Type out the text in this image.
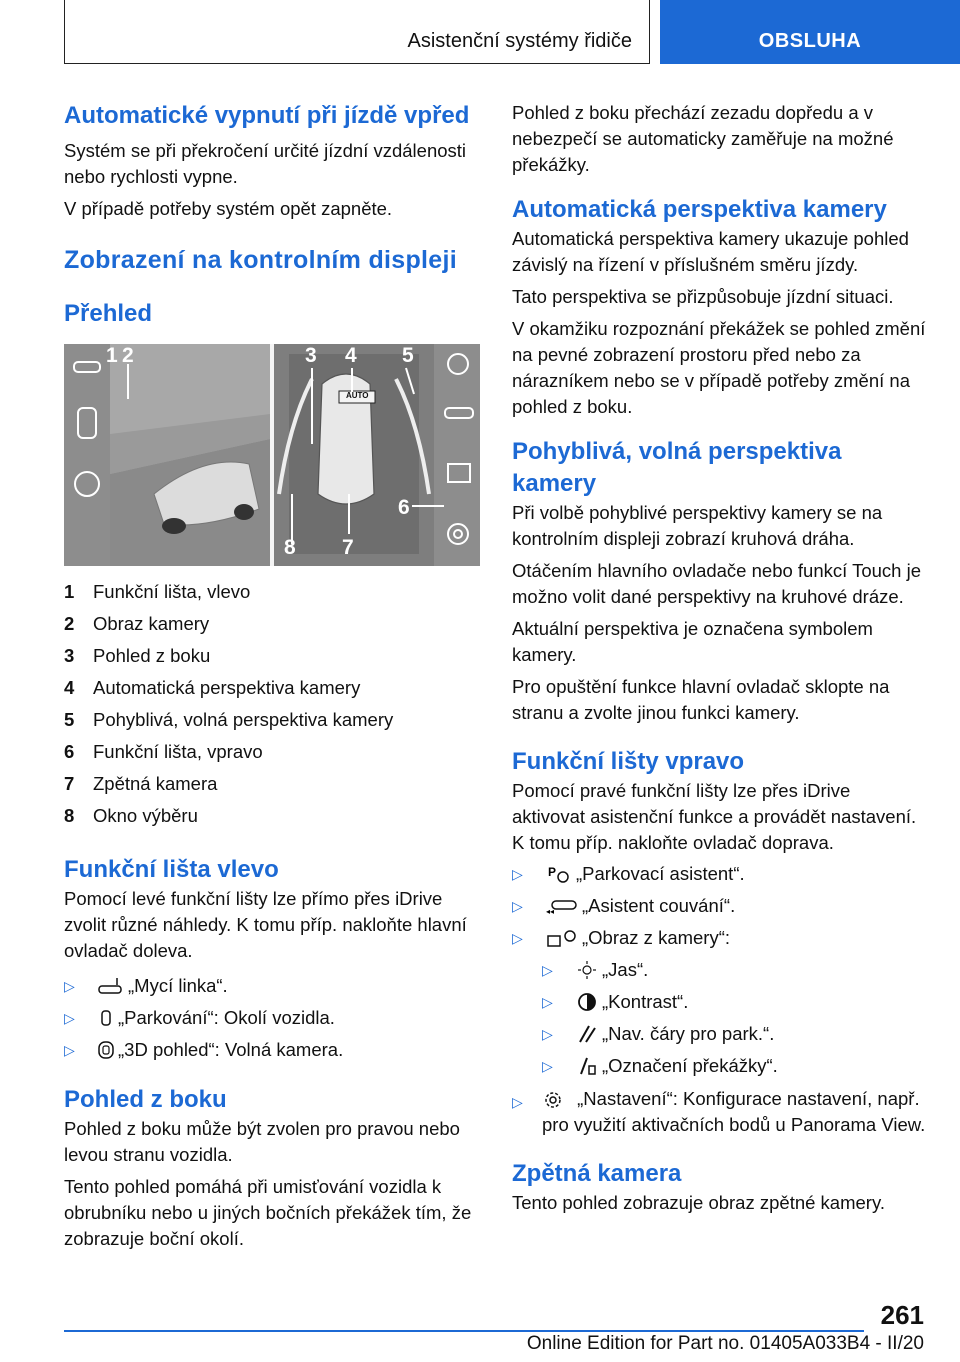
Asistenční systémy řidiče	OBSLUHA
Automatické vypnutí při jízdě vpřed

Systém se při překročení určité jízdní vzdálenosti nebo rychlosti vypne.

V případě potřeby systém opět zapněte.

Zobrazení na kontrolním displeji
Přehled
1 2	3 4 5
6
7
8
AUTO
1	Funkční lišta, vlevo
2	Obraz kamery
3	Pohled z boku
4	Automatická perspektiva kamery
5	Pohyblivá, volná perspektiva kamery
6	Funkční lišta, vpravo
7	Zpětná kamera
8	Okno výběru
Funkční lišta vlevo

Pomocí levé funkční lišty lze přímo přes iDrive zvolit různé náhledy. K tomu příp. nakloňte hlavní ovladač doleva.

▷	„Mycí linka“.
▷	„Parkování“: Okolí vozidla.
▷	„3D pohled“: Volná kamera.
Pohled z boku

Pohled z boku může být zvolen pro pravou nebo levou stranu vozidla.

Tento pohled pomáhá při umisťování vozidla k obrubníku nebo u jiných bočních překážek tím, že zobrazuje boční okolí.

Pohled z boku přechází zezadu dopředu a v nebezpečí se automaticky zaměřuje na možné překážky.

Automatická perspektiva kamery

Automatická perspektiva kamery ukazuje pohled závislý na řízení v příslušném směru jízdy.

Tato perspektiva se přizpůsobuje jízdní situaci.

V okamžiku rozpoznání překážek se pohled změní na pevné zobrazení prostoru před nebo za nárazníkem nebo se v případě potřeby změní na pohled z boku.

Pohyblivá, volná perspektiva kamery

Při volbě pohyblivé perspektivy kamery se na kontrolním displeji zobrazí kruhová dráha.

Otáčením hlavního ovladače nebo funkcí Touch je možno volit dané perspektivy na kruhové dráze.

Aktuální perspektiva je označena symbolem kamery.

Pro opuštění funkce hlavní ovladač sklopte na stranu a zvolte jinou funkci kamery.

Funkční lišty vpravo

Pomocí pravé funkční lišty lze přes iDrive aktivovat asistenční funkce a provádět nastavení. K tomu příp. nakloňte ovladač doprava.

▷	P „Parkovací asistent“.
▷	◂◂ „Asistent couvání“.
▷	„Obraz z kamery“:
▷	„Jas“.
▷	„Kontrast“.
▷	„Nav. čáry pro park.“.
▷	„Označení překážky“.
▷	„Nastavení“: Konfigurace nastavení, např. pro využití aktivačních bodů u Panorama View.
Zpětná kamera

Tento pohled zobrazuje obraz zpětné kamery.

261
Online Edition for Part no. 01405A033B4 - II/20
